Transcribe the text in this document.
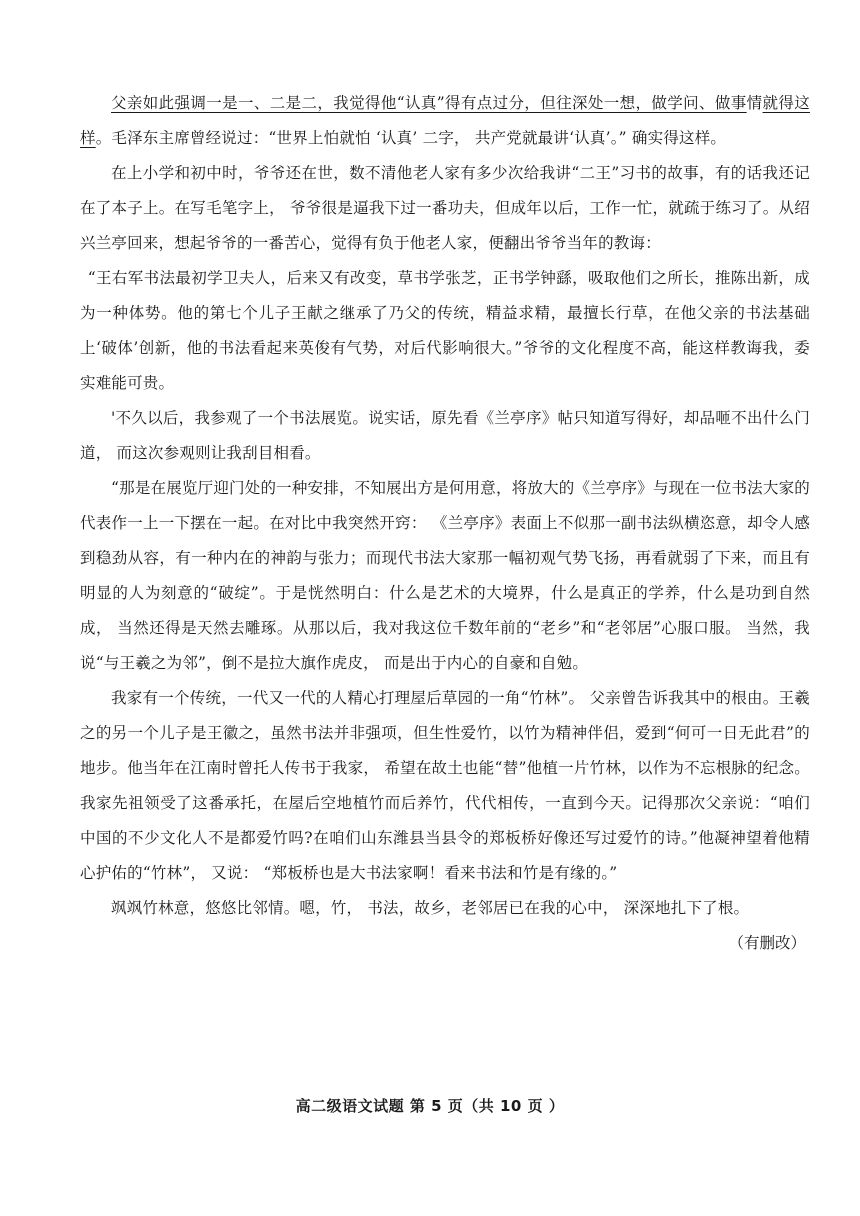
父亲如此强调一是一、二是二，我觉得他“认真”得有点过分，但往深处一想，做学问、做事情就得这样。毛泽东主席曾经说过：“世界上怕就怕 ‘认真’ 二字， 共产党就最讲‘认真’。” 确实得这样。

在上小学和初中时，爷爷还在世，数不清他老人家有多少次给我讲“二王”习书的故事，有的话我还记在了本子上。在写毛笔字上， 爷爷很是逼我下过一番功夫，但成年以后，工作一忙，就疏于练习了。从绍兴兰亭回来，想起爷爷的一番苦心，觉得有负于他老人家，便翻出爷爷当年的教诲：

“王右军书法最初学卫夫人，后来又有改变，草书学张芝，正书学钟繇，吸取他们之所长，推陈出新，成为一种体势。他的第七个儿子王献之继承了乃父的传统，精益求精，最擅长行草，在他父亲的书法基础上‘破体’创新，他的书法看起来英俊有气势，对后代影响很大。”爷爷的文化程度不高，能这样教诲我，委实难能可贵。

'不久以后，我参观了一个书法展览。说实话，原先看《兰亭序》帖只知道写得好，却品咂不出什么门道， 而这次参观则让我刮目相看。

“那是在展览厅迎门处的一种安排，不知展出方是何用意，将放大的《兰亭序》与现在一位书法大家的代表作一上一下摆在一起。在对比中我突然开窍： 《兰亭序》表面上不似那一副书法纵横恣意，却令人感到稳劲从容，有一种内在的神韵与张力；而现代书法大家那一幅初观气势飞扬，再看就弱了下来，而且有明显的人为刻意的“破绽”。于是恍然明白：什么是艺术的大境界，什么是真正的学养，什么是功到自然成， 当然还得是天然去雕琢。从那以后，我对我这位千数年前的“老乡”和“老邻居”心服口服。 当然，我说“与王羲之为邻”，倒不是拉大旗作虎皮， 而是出于内心的自豪和自勉。

我家有一个传统，一代又一代的人精心打理屋后草园的一角“竹林”。 父亲曾告诉我其中的根由。王羲之的另一个儿子是王徽之，虽然书法并非强项，但生性爱竹，以竹为精神伴侣，爱到“何可一日无此君”的地步。他当年在江南时曾托人传书于我家， 希望在故土也能“替”他植一片竹林，以作为不忘根脉的纪念。我家先祖领受了这番承托，在屋后空地植竹而后养竹，代代相传，一直到今天。记得那次父亲说：“咱们中国的不少文化人不是都爱竹吗?在咱们山东潍县当县令的郑板桥好像还写过爱竹的诗。”他凝神望着他精心护佑的“竹林”， 又说： “郑板桥也是大书法家啊！看来书法和竹是有缘的。”

飒飒竹林意，悠悠比邻情。嗯，竹， 书法，故乡，老邻居已在我的心中， 深深地扎下了根。

（有删改）

高二级语文试题 第 5 页（共 10 页 ）
